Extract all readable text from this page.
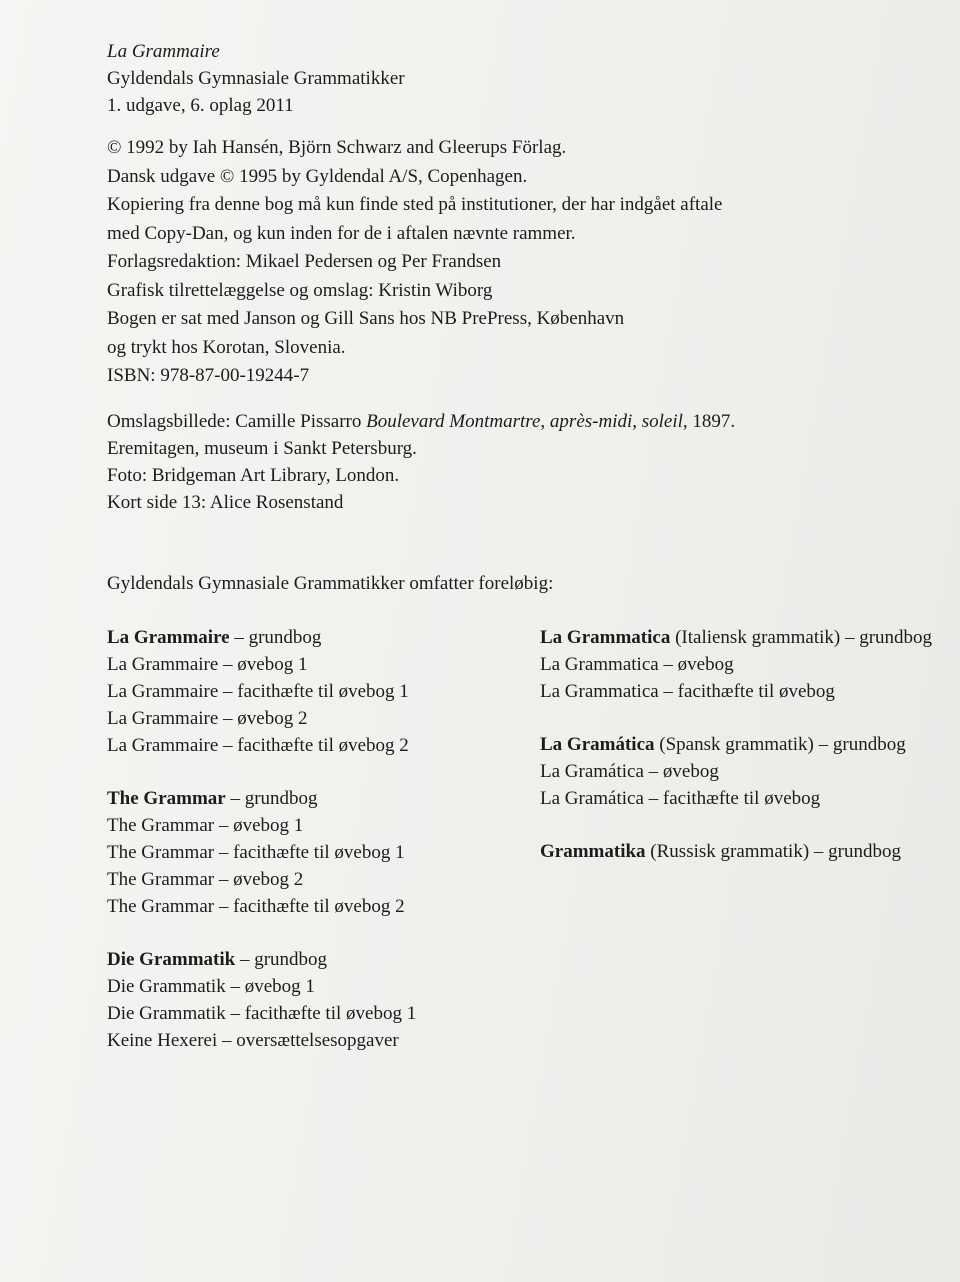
La Grammaire
Gyldendals Gymnasiale Grammatikker
1. udgave, 6. oplag 2011
© 1992 by Iah Hansén, Björn Schwarz and Gleerups Förlag.
Dansk udgave © 1995 by Gyldendal A/S, Copenhagen.
Kopiering fra denne bog må kun finde sted på institutioner, der har indgået aftale
med Copy-Dan, og kun inden for de i aftalen nævnte rammer.
Forlagsredaktion: Mikael Pedersen og Per Frandsen
Grafisk tilrettelæggelse og omslag: Kristin Wiborg
Bogen er sat med Janson og Gill Sans hos NB PrePress, København
og trykt hos Korotan, Slovenia.
ISBN: 978-87-00-19244-7
Omslagsbillede: Camille Pissarro Boulevard Montmartre, après-midi, soleil, 1897.
Eremitagen, museum i Sankt Petersburg.
Foto: Bridgeman Art Library, London.
Kort side 13: Alice Rosenstand
Gyldendals Gymnasiale Grammatikker omfatter foreløbig:
La Grammaire – grundbog
La Grammaire – øvebog 1
La Grammaire – facithæfte til øvebog 1
La Grammaire – øvebog 2
La Grammaire – facithæfte til øvebog 2
The Grammar – grundbog
The Grammar – øvebog 1
The Grammar – facithæfte til øvebog 1
The Grammar – øvebog 2
The Grammar – facithæfte til øvebog 2
Die Grammatik – grundbog
Die Grammatik – øvebog 1
Die Grammatik – facithæfte til øvebog 1
Keine Hexerei – oversættelsesopgaver
La Grammatica (Italiensk grammatik) – grundbog
La Grammatica – øvebog
La Grammatica – facithæfte til øvebog
La Gramática (Spansk grammatik) – grundbog
La Gramática – øvebog
La Gramática – facithæfte til øvebog
Grammatika (Russisk grammatik) – grundbog
